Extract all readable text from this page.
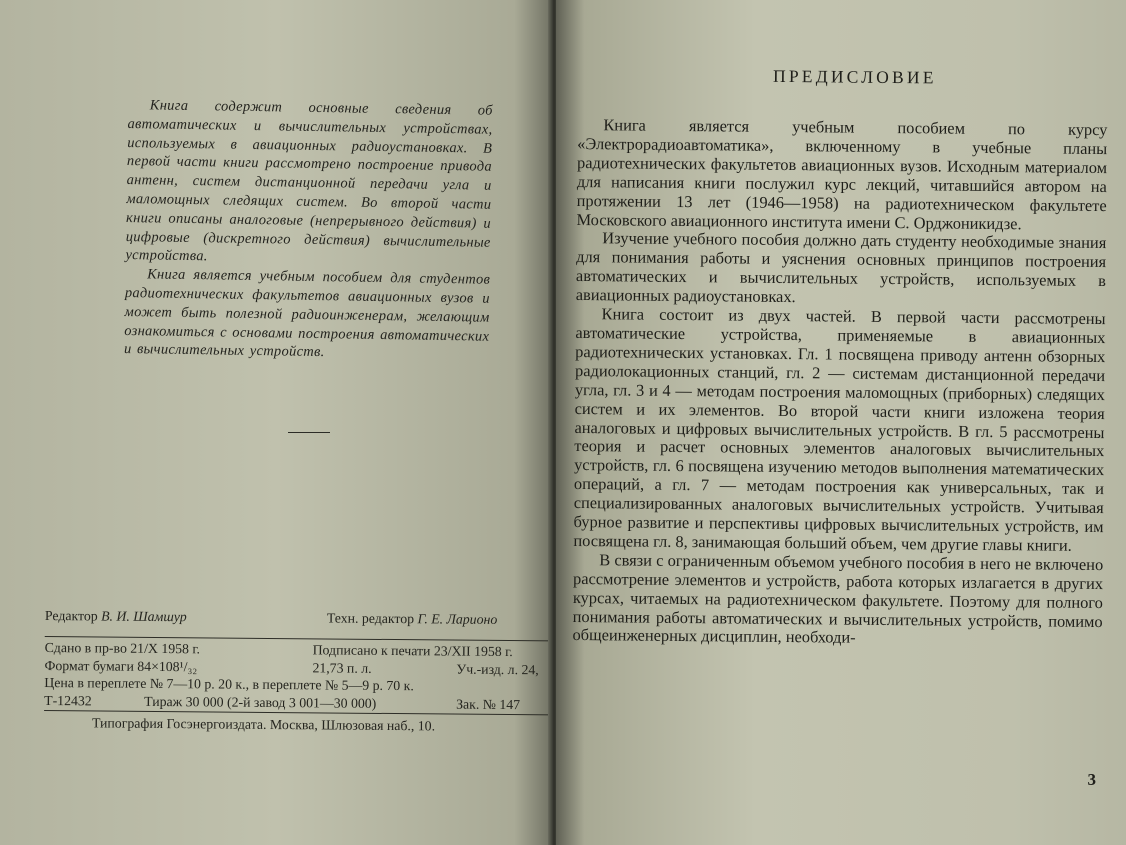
Книга содержит основные сведения об автоматических и вычислительных устройствах, используемых в авиационных радиоустановках. В первой части книги рассмотрено построение привода антенн, систем дистанционной передачи угла и маломощных следящих систем. Во второй части книги описаны аналоговые (непрерывного действия) и цифровые (дискретного действия) вычислительные устройства.

Книга является учебным пособием для студентов радиотехнических факультетов авиационных вузов и может быть полезной радиоинженерам, желающим ознакомиться с основами построения автоматических и вычислительных устройств.

Редактор В. И. Шамшур	Техн. редактор Г. Е. Ларионо
Сдано в пр-во 21/X 1958 г.	Подписано к печати 23/XII 1958 г.
Формат бумаги 84×108¹/₃₂	21,73 п. л.	Уч.-изд. л. 24,
Цена в переплете № 7—10 р. 20 к., в переплете № 5—9 р. 70 к.
Т-12432	Тираж 30 000 (2-й завод 3 001—30 000)	Зак. № 147
Типография Госэнергоиздата. Москва, Шлюзовая наб., 10.
ПРЕДИСЛОВИЕ

Книга является учебным пособием по курсу «Электрорадиоавтоматика», включенному в учебные планы радиотехнических факультетов авиационных вузов. Исходным материалом для написания книги послужил курс лекций, читавшийся автором на протяжении 13 лет (1946—1958) на радиотехническом факультете Московского авиационного института имени С. Орджоникидзе.

Изучение учебного пособия должно дать студенту необходимые знания для понимания работы и уяснения основных принципов построения автоматических и вычислительных устройств, используемых в авиационных радиоустановках.

Книга состоит из двух частей. В первой части рассмотрены автоматические устройства, применяемые в авиационных радиотехнических установках. Гл. 1 посвящена приводу антенн обзорных радиолокационных станций, гл. 2 — системам дистанционной передачи угла, гл. 3 и 4 — методам построения маломощных (приборных) следящих систем и их элементов. Во второй части книги изложена теория аналоговых и цифровых вычислительных устройств. В гл. 5 рассмотрены теория и расчет основных элементов аналоговых вычислительных устройств, гл. 6 посвящена изучению методов выполнения математических операций, а гл. 7 — методам построения как универсальных, так и специализированных аналоговых вычислительных устройств. Учитывая бурное развитие и перспективы цифровых вычислительных устройств, им посвящена гл. 8, занимающая больший объем, чем другие главы книги.

В связи с ограниченным объемом учебного пособия в него не включено рассмотрение элементов и устройств, работа которых излагается в других курсах, читаемых на радиотехническом факультете. Поэтому для полного понимания работы автоматических и вычислительных устройств, помимо общеинженерных дисциплин, необходи-

3
